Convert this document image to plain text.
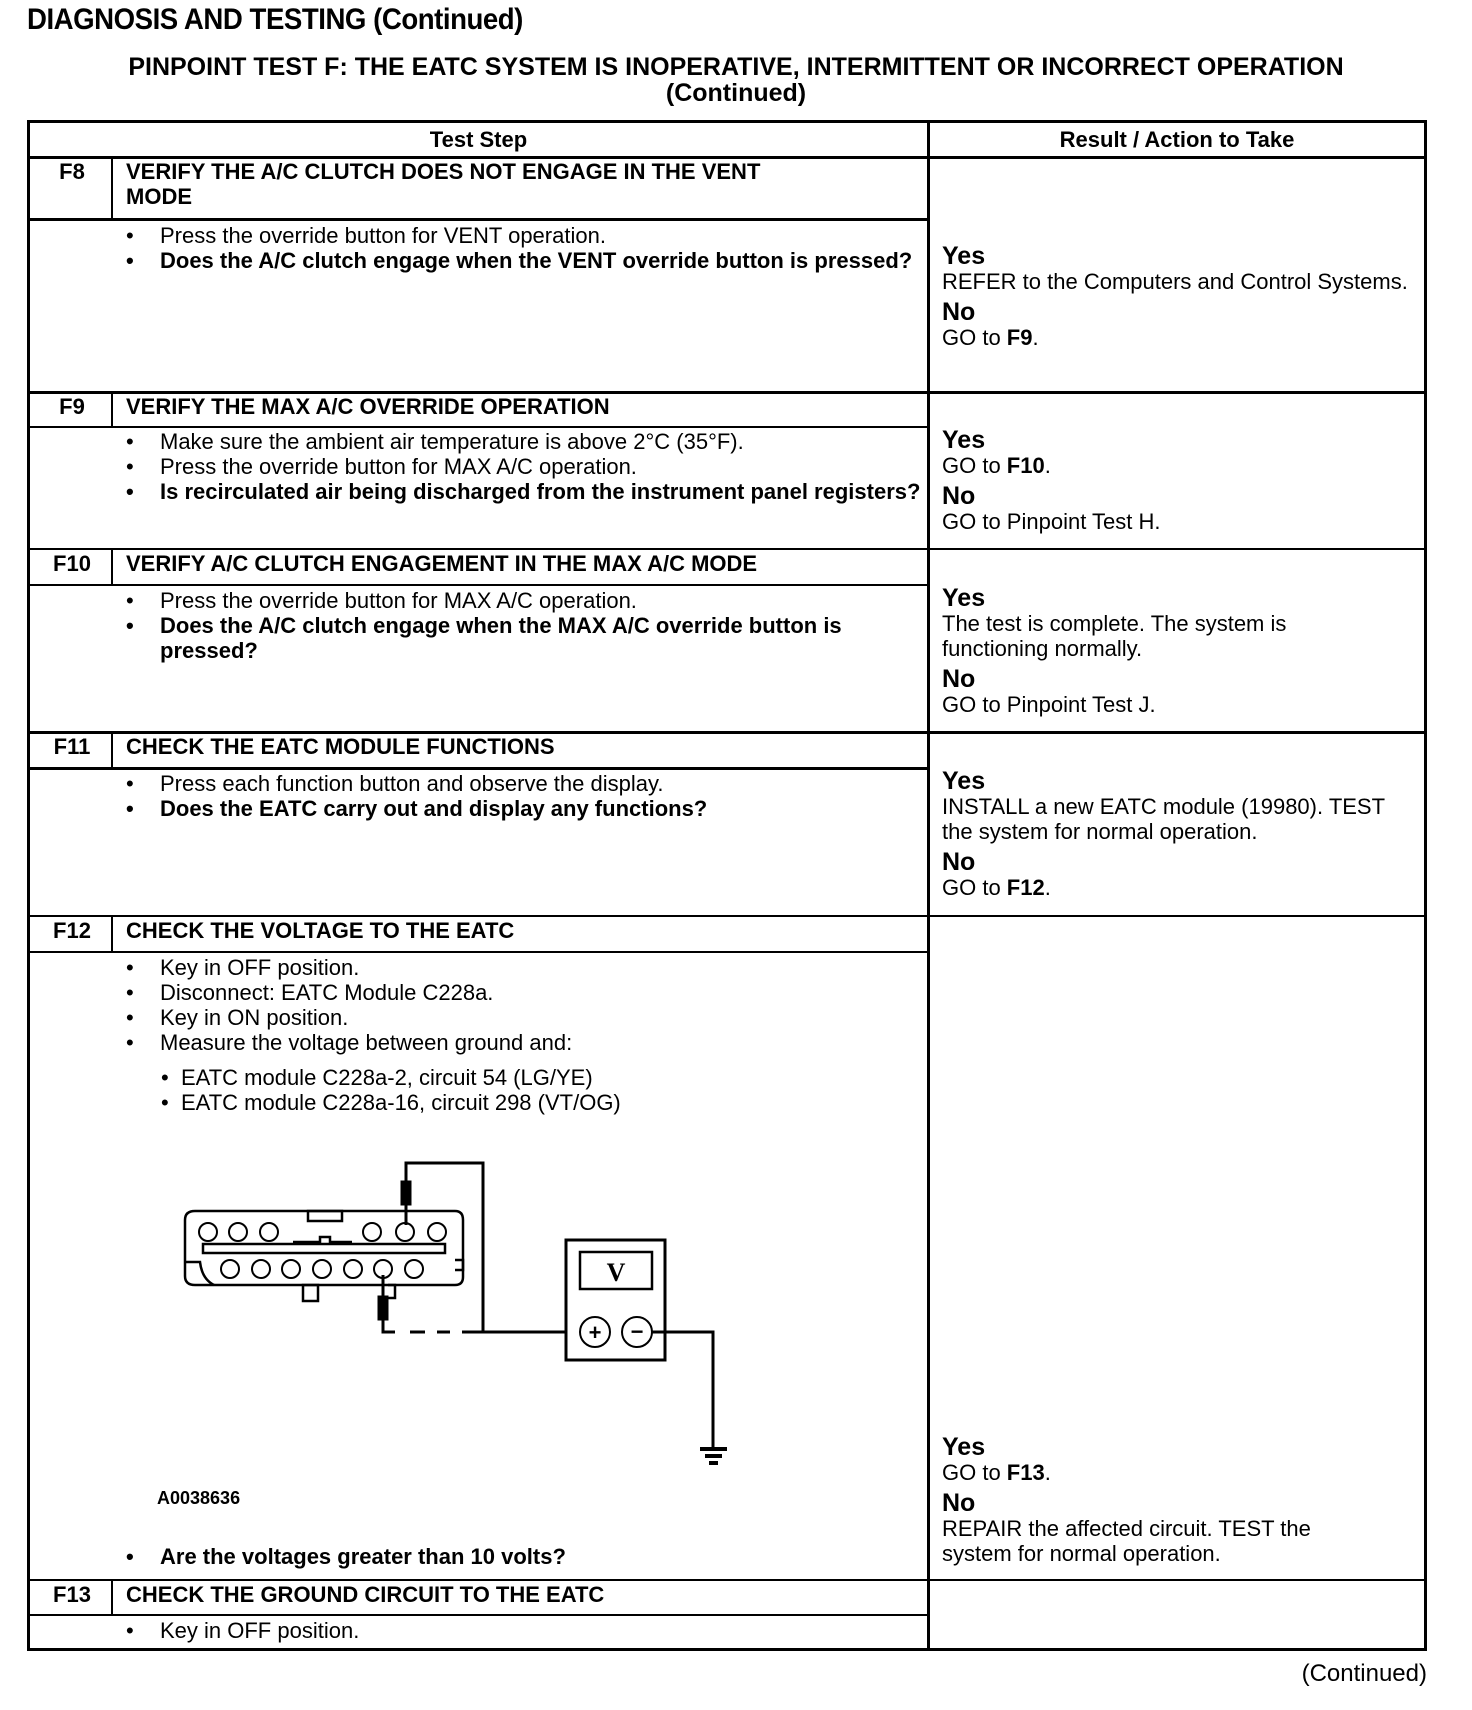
DIAGNOSIS AND TESTING (Continued)
PINPOINT TEST F: THE EATC SYSTEM IS INOPERATIVE, INTERMITTENT OR INCORRECT OPERATION
(Continued)
Test Step	Result / Action to Take
F8	VERIFY THE A/C CLUTCH DOES NOT ENGAGE IN THE VENT
MODE
• Press the override button for VENT operation.
• Does the A/C clutch engage when the VENT override button is pressed?	Yes
REFER to the Computers and Control Systems.
No
GO to F9.
F9	VERIFY THE MAX A/C OVERRIDE OPERATION
• Make sure the ambient air temperature is above 2°C (35°F).
• Press the override button for MAX A/C operation.
• Is recirculated air being discharged from the instrument panel registers?
Yes
GO to F10.
No
GO to Pinpoint Test H.
F10	VERIFY A/C CLUTCH ENGAGEMENT IN THE MAX A/C MODE
• Press the override button for MAX A/C operation.
• Does the A/C clutch engage when the MAX A/C override button is pressed?
Yes
The test is complete. The system is functioning normally.
No
GO to Pinpoint Test J.
F11	CHECK THE EATC MODULE FUNCTIONS
• Press each function button and observe the display.
• Does the EATC carry out and display any functions?
Yes
INSTALL a new EATC module (19980). TEST the system for normal operation.
No
GO to F12.
F12	CHECK THE VOLTAGE TO THE EATC
• Key in OFF position.
• Disconnect: EATC Module C228a.
• Key in ON position.
• Measure the voltage between ground and:
• EATC module C228a-2, circuit 54 (LG/YE)
• EATC module C228a-16, circuit 298 (VT/OG)
A0038636
• Are the voltages greater than 10 volts?
Yes
GO to F13.
No
REPAIR the affected circuit. TEST the system for normal operation.
F13	CHECK THE GROUND CIRCUIT TO THE EATC
• Key in OFF position.
V
+ −
(Continued)
